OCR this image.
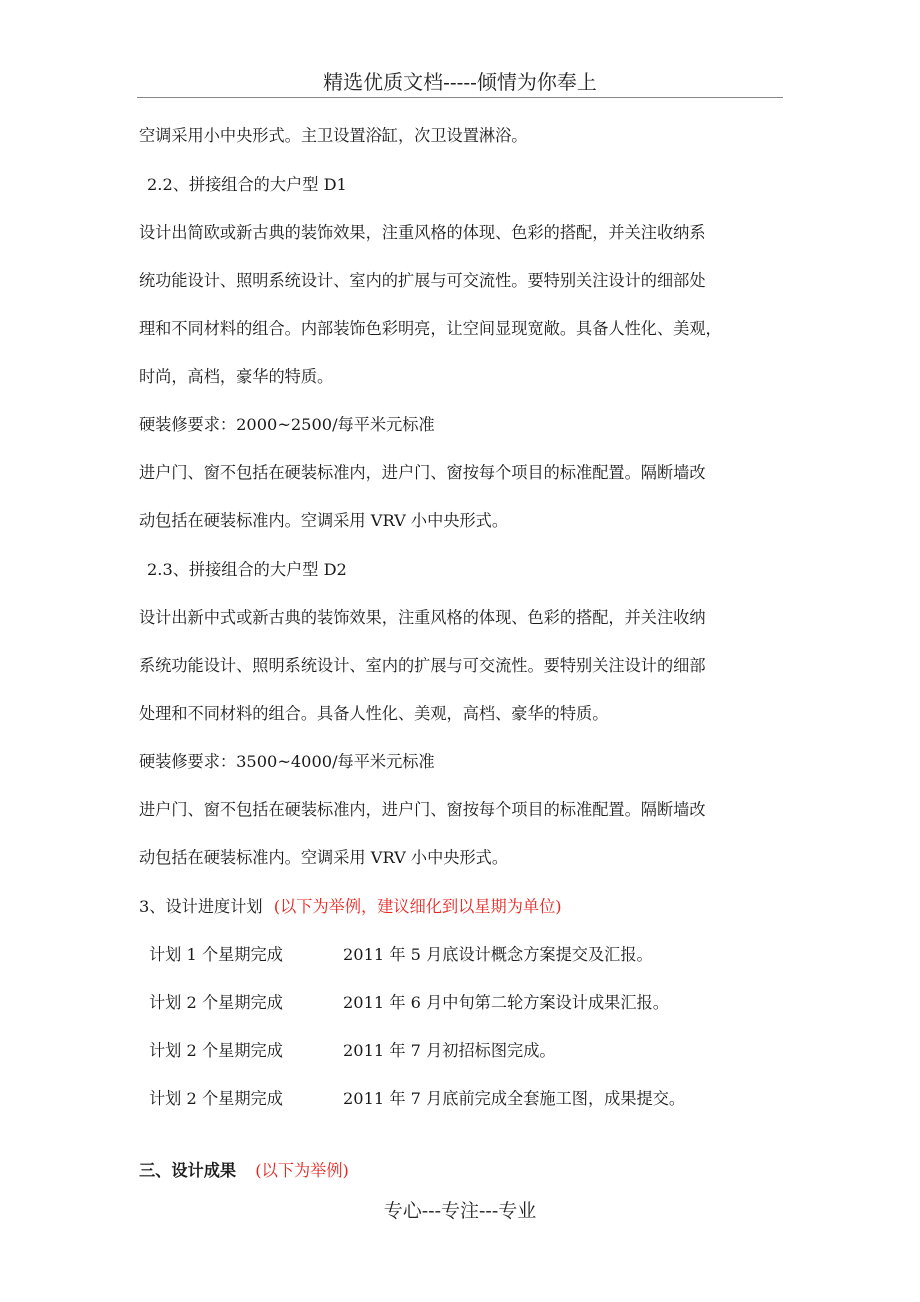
精选优质文档-----倾情为你奉上
空调采用小中央形式。主卫设置浴缸，次卫设置淋浴。
2.2、拼接组合的大户型 D1
设计出简欧或新古典的装饰效果，注重风格的体现、色彩的搭配，并关注收纳系
统功能设计、照明系统设计、室内的扩展与可交流性。要特别关注设计的细部处
理和不同材料的组合。内部装饰色彩明亮，让空间显现宽敞。具备人性化、美观，
时尚，高档，豪华的特质。
硬装修要求：2000~2500/每平米元标准
进户门、窗不包括在硬装标准内，进户门、窗按每个项目的标准配置。隔断墙改
动包括在硬装标准内。空调采用 VRV 小中央形式。
2.3、拼接组合的大户型 D2
设计出新中式或新古典的装饰效果，注重风格的体现、色彩的搭配，并关注收纳
系统功能设计、照明系统设计、室内的扩展与可交流性。要特别关注设计的细部
处理和不同材料的组合。具备人性化、美观，高档、豪华的特质。
硬装修要求：3500~4000/每平米元标准
进户门、窗不包括在硬装标准内，进户门、窗按每个项目的标准配置。隔断墙改
动包括在硬装标准内。空调采用 VRV 小中央形式。
3、设计进度计划 (以下为举例，建议细化到以星期为单位)
计划 1 个星期完成	2011 年 5 月底设计概念方案提交及汇报。
计划 2 个星期完成	2011 年 6 月中旬第二轮方案设计成果汇报。
计划 2 个星期完成	2011 年 7 月初招标图完成。
计划 2 个星期完成	2011 年 7 月底前完成全套施工图，成果提交。
三、设计成果 (以下为举例)
专心---专注---专业
